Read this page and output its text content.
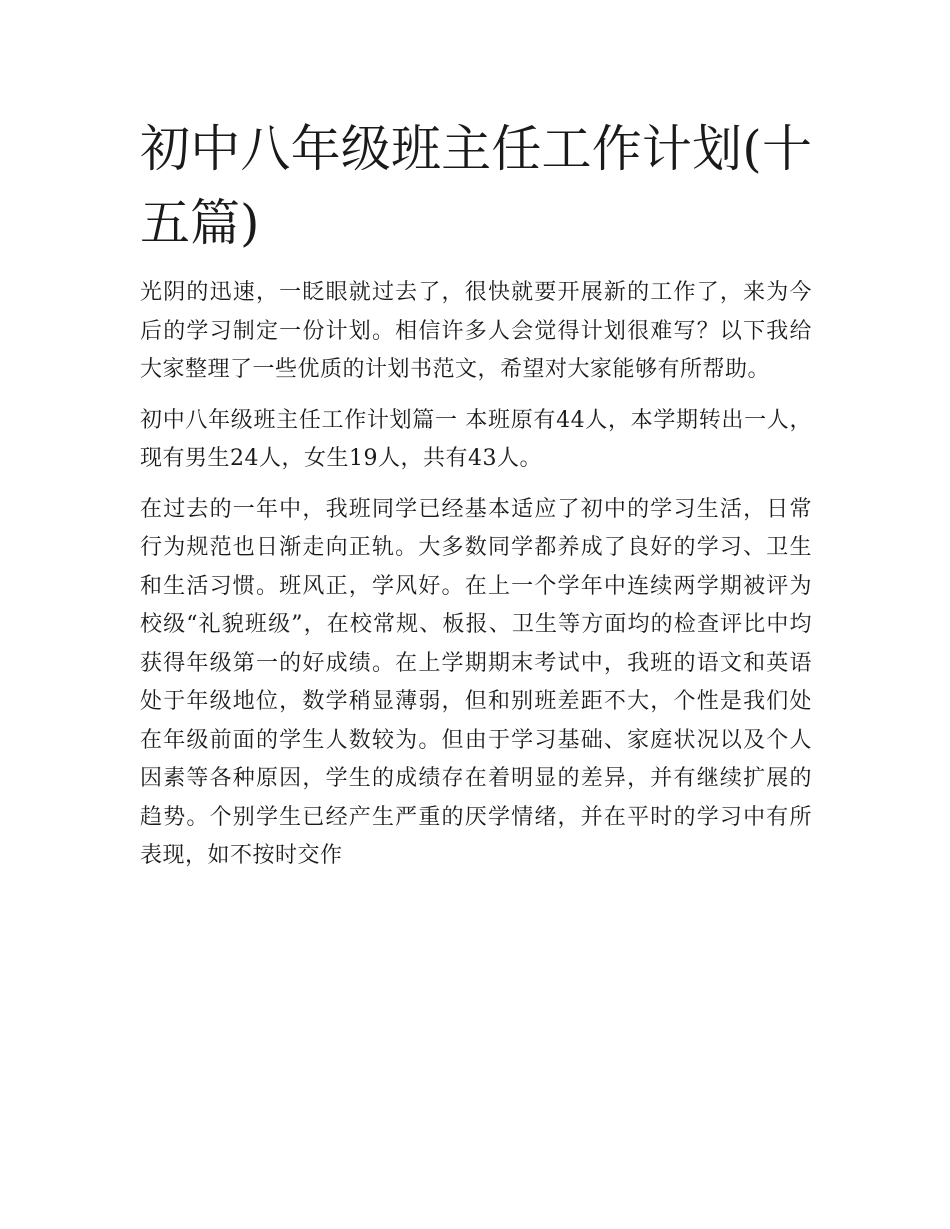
初中八年级班主任工作计划(十五篇)

光阴的迅速，一眨眼就过去了，很快就要开展新的工作了，来为今后的学习制定一份计划。相信许多人会觉得计划很难写？以下我给大家整理了一些优质的计划书范文，希望对大家能够有所帮助。

初中八年级班主任工作计划篇一 本班原有44人，本学期转出一人，现有男生24人，女生19人，共有43人。

在过去的一年中，我班同学已经基本适应了初中的学习生活，日常行为规范也日渐走向正轨。大多数同学都养成了良好的学习、卫生和生活习惯。班风正，学风好。在上一个学年中连续两学期被评为校级“礼貌班级”，在校常规、板报、卫生等方面均的检查评比中均获得年级第一的好成绩。在上学期期末考试中，我班的语文和英语处于年级地位，数学稍显薄弱，但和别班差距不大，个性是我们处在年级前面的学生人数较为。但由于学习基础、家庭状况以及个人因素等各种原因，学生的成绩存在着明显的差异，并有继续扩展的趋势。个别学生已经产生严重的厌学情绪，并在平时的学习中有所表现，如不按时交作
